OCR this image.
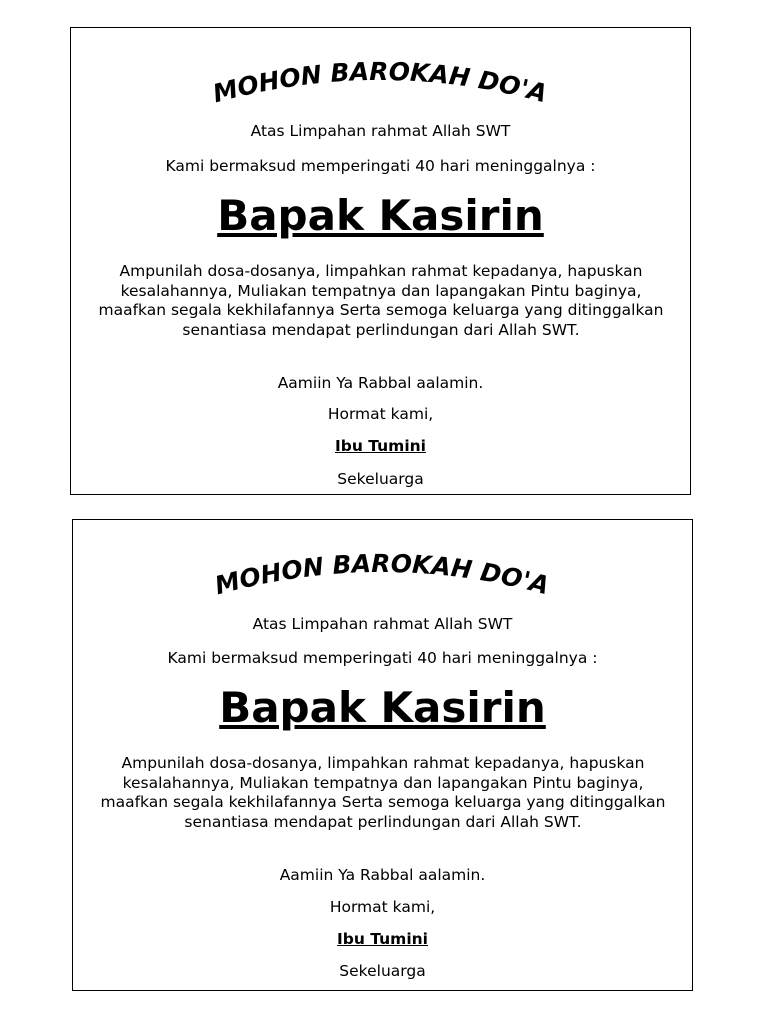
MOHON BAROKAH DO'A
Atas Limpahan rahmat Allah SWT
Kami bermaksud memperingati 40 hari meninggalnya :
Bapak Kasirin
Ampunilah dosa-dosanya, limpahkan rahmat kepadanya, hapuskan kesalahannya, Muliakan tempatnya dan lapangakan Pintu baginya, maafkan segala kekhilafannya Serta semoga keluarga yang ditinggalkan senantiasa mendapat perlindungan dari Allah SWT.
Aamiin Ya Rabbal aalamin.
Hormat kami,
Ibu Tumini
Sekeluarga
MOHON BAROKAH DO'A
Atas Limpahan rahmat Allah SWT
Kami bermaksud memperingati 40 hari meninggalnya :
Bapak Kasirin
Ampunilah dosa-dosanya, limpahkan rahmat kepadanya, hapuskan kesalahannya, Muliakan tempatnya dan lapangakan Pintu baginya, maafkan segala kekhilafannya Serta semoga keluarga yang ditinggalkan senantiasa mendapat perlindungan dari Allah SWT.
Aamiin Ya Rabbal aalamin.
Hormat kami,
Ibu Tumini
Sekeluarga
